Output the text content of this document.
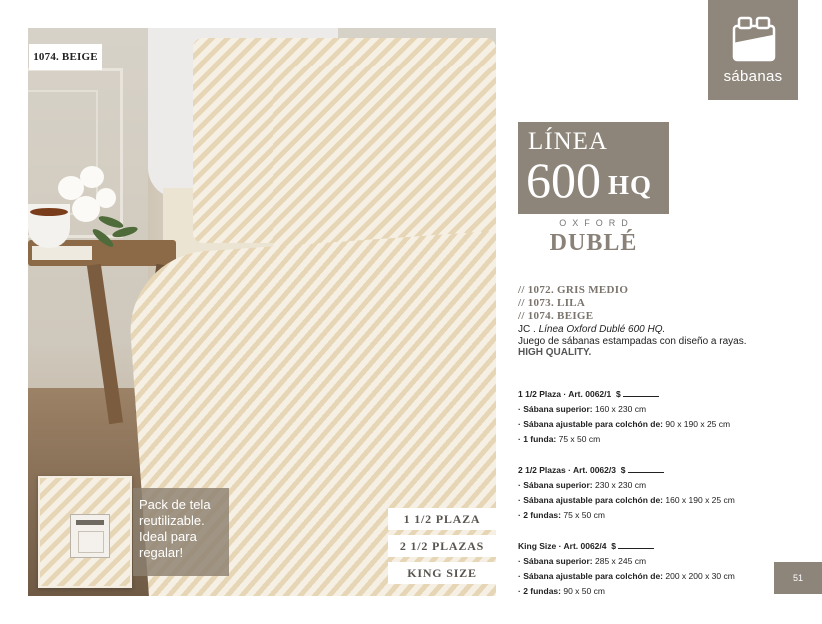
1074. BEIGE
Pack de tela
reutilizable.
Ideal para
regalar!
1 1/2 PLAZA
2 1/2 PLAZAS
KING SIZE
sábanas
LÍNEA
600 HQ
OXFORD
DUBLÉ
// 1072. GRIS MEDIO
// 1073. LILA
// 1074. BEIGE
JC . Línea Oxford Dublé 600 HQ.
Juego de sábanas estampadas con diseño a rayas.
HIGH QUALITY.
1 1/2 Plaza · Art. 0062/1 $
· Sábana superior: 160 x 230 cm
· Sábana ajustable para colchón de: 90 x 190 x 25 cm
· 1 funda: 75 x 50 cm
2 1/2 Plazas · Art. 0062/3 $
· Sábana superior: 230 x 230 cm
· Sábana ajustable para colchón de: 160 x 190 x 25 cm
· 2 fundas: 75 x 50 cm
King Size · Art. 0062/4 $
· Sábana superior: 285 x 245 cm
· Sábana ajustable para colchón de: 200 x 200 x 30 cm
· 2 fundas: 90 x 50 cm
51
